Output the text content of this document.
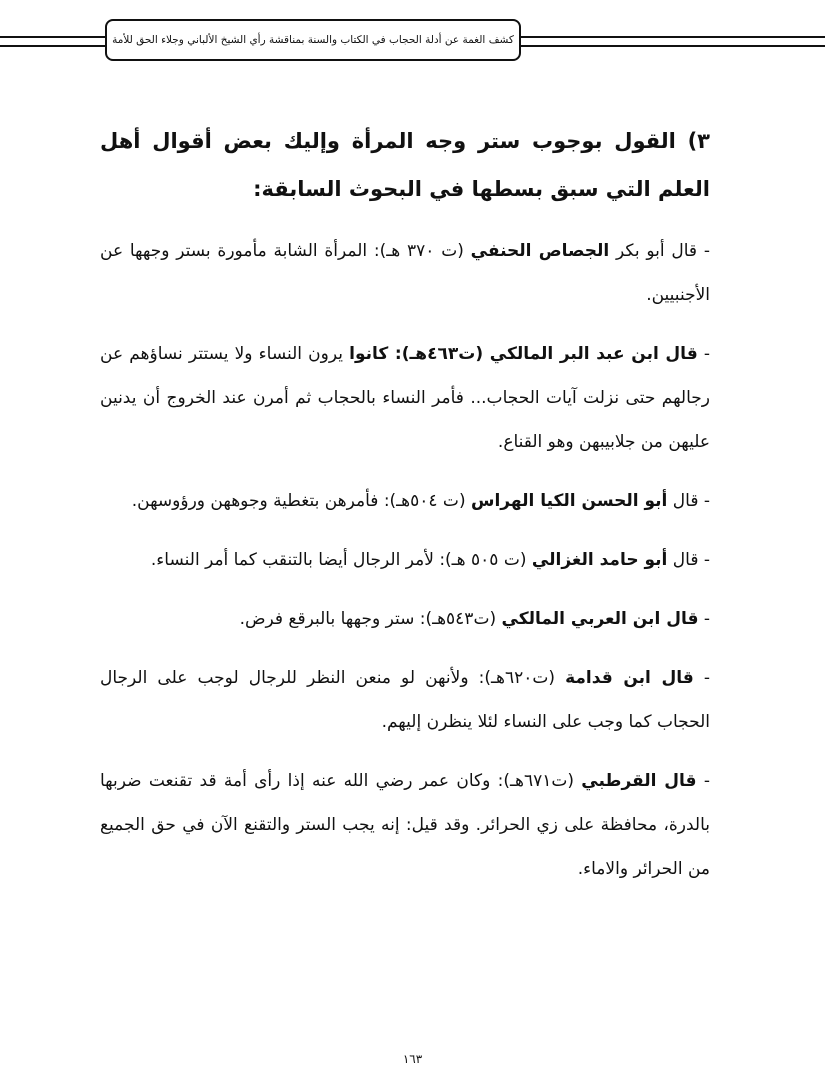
كشف الغمة عن أدلة الحجاب في الكتاب والسنة بمناقشة رأي الشيخ الألباني وجلاء الحق للأمة

٣) القول بوجوب ستر وجه المرأة وإليك بعض أقوال أهل العلم التي سبق بسطها في البحوث السابقة:

- قال أبو بكر الجصاص الحنفي (ت ٣٧٠ هـ): المرأة الشابة مأمورة بستر وجهها عن الأجنبيين.

- قال ابن عبد البر المالكي (ت٤٦٣هـ): كانوا يرون النساء ولا يستتر نساؤهم عن رجالهم حتى نزلت آيات الحجاب... فأمر النساء بالحجاب ثم أمرن عند الخروج أن يدنين عليهن من جلابيبهن وهو القناع.

- قال أبو الحسن الكيا الهراس (ت ٥٠٤هـ): فأمرهن بتغطية وجوههن ورؤوسهن.

- قال أبو حامد الغزالي (ت ٥٠٥ هـ): لأمر الرجال أيضا بالتنقب كما أمر النساء.

- قال ابن العربي المالكي (ت٥٤٣هـ): ستر وجهها بالبرقع فرض.

- قال ابن قدامة (ت٦٢٠هـ): ولأنهن لو منعن النظر للرجال لوجب على الرجال الحجاب كما وجب على النساء لئلا ينظرن إليهم.

- قال القرطبي (ت٦٧١هـ): وكان عمر رضي الله عنه إذا رأى أمة قد تقنعت ضربها بالدرة، محافظة على زي الحرائر. وقد قيل: إنه يجب الستر والتقنع الآن في حق الجميع من الحرائر والاماء.

١٦٣
